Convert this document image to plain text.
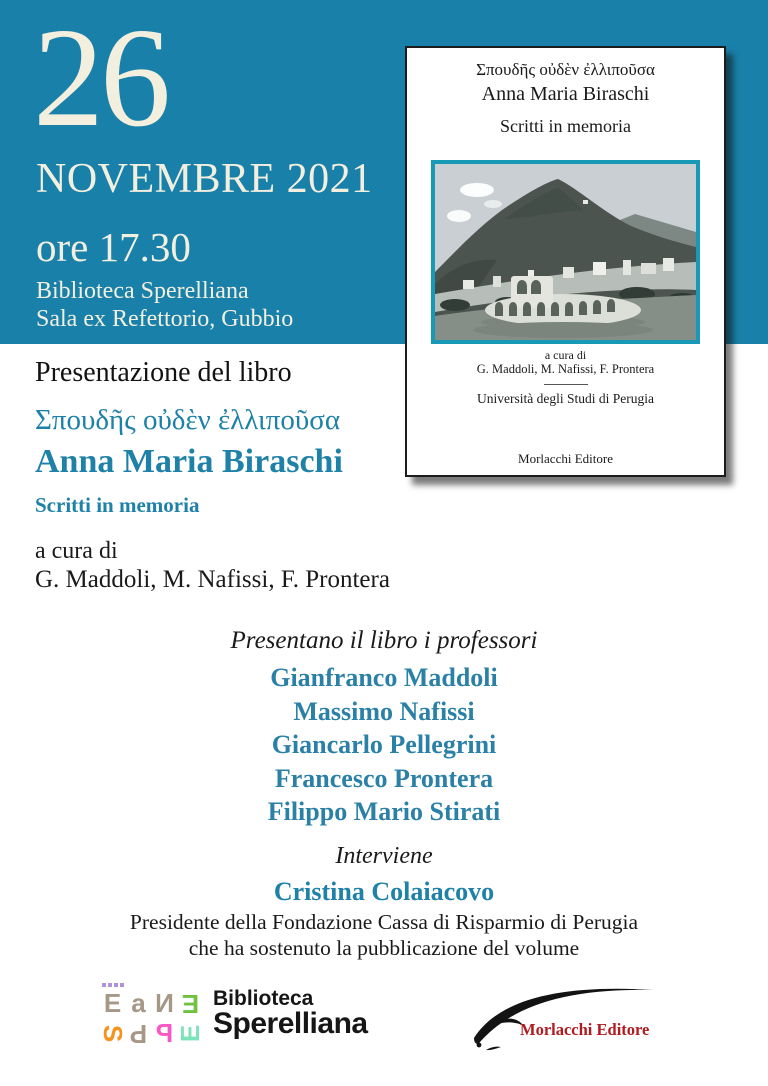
26
NOVEMBRE 2021
ore 17.30
Biblioteca Sperelliana
Sala ex Refettorio, Gubbio
Σπουδῆς οὐδὲν ἐλλιποῦσα
Anna Maria Biraschi
Scritti in memoria
a cura di
G. Maddoli, M. Nafissi, F. Prontera
Università degli Studi di Perugia
Morlacchi Editore
Presentazione del libro
Σπουδῆς οὐδὲν ἐλλιποῦσα
Anna Maria Biraschi
Scritti in memoria
a cura di
G. Maddoli, M. Nafissi, F. Prontera
Presentano il libro i professori
Gianfranco Maddoli
Massimo Nafissi
Giancarlo Pellegrini
Francesco Prontera
Filippo Mario Stirati
Interviene
Cristina Colaiacovo
Presidente della Fondazione Cassa di Risparmio di Perugia
che ha sostenuto la pubblicazione del volume
E a N E
S P P E
Biblioteca
Sperelliana	Morlacchi Editore
